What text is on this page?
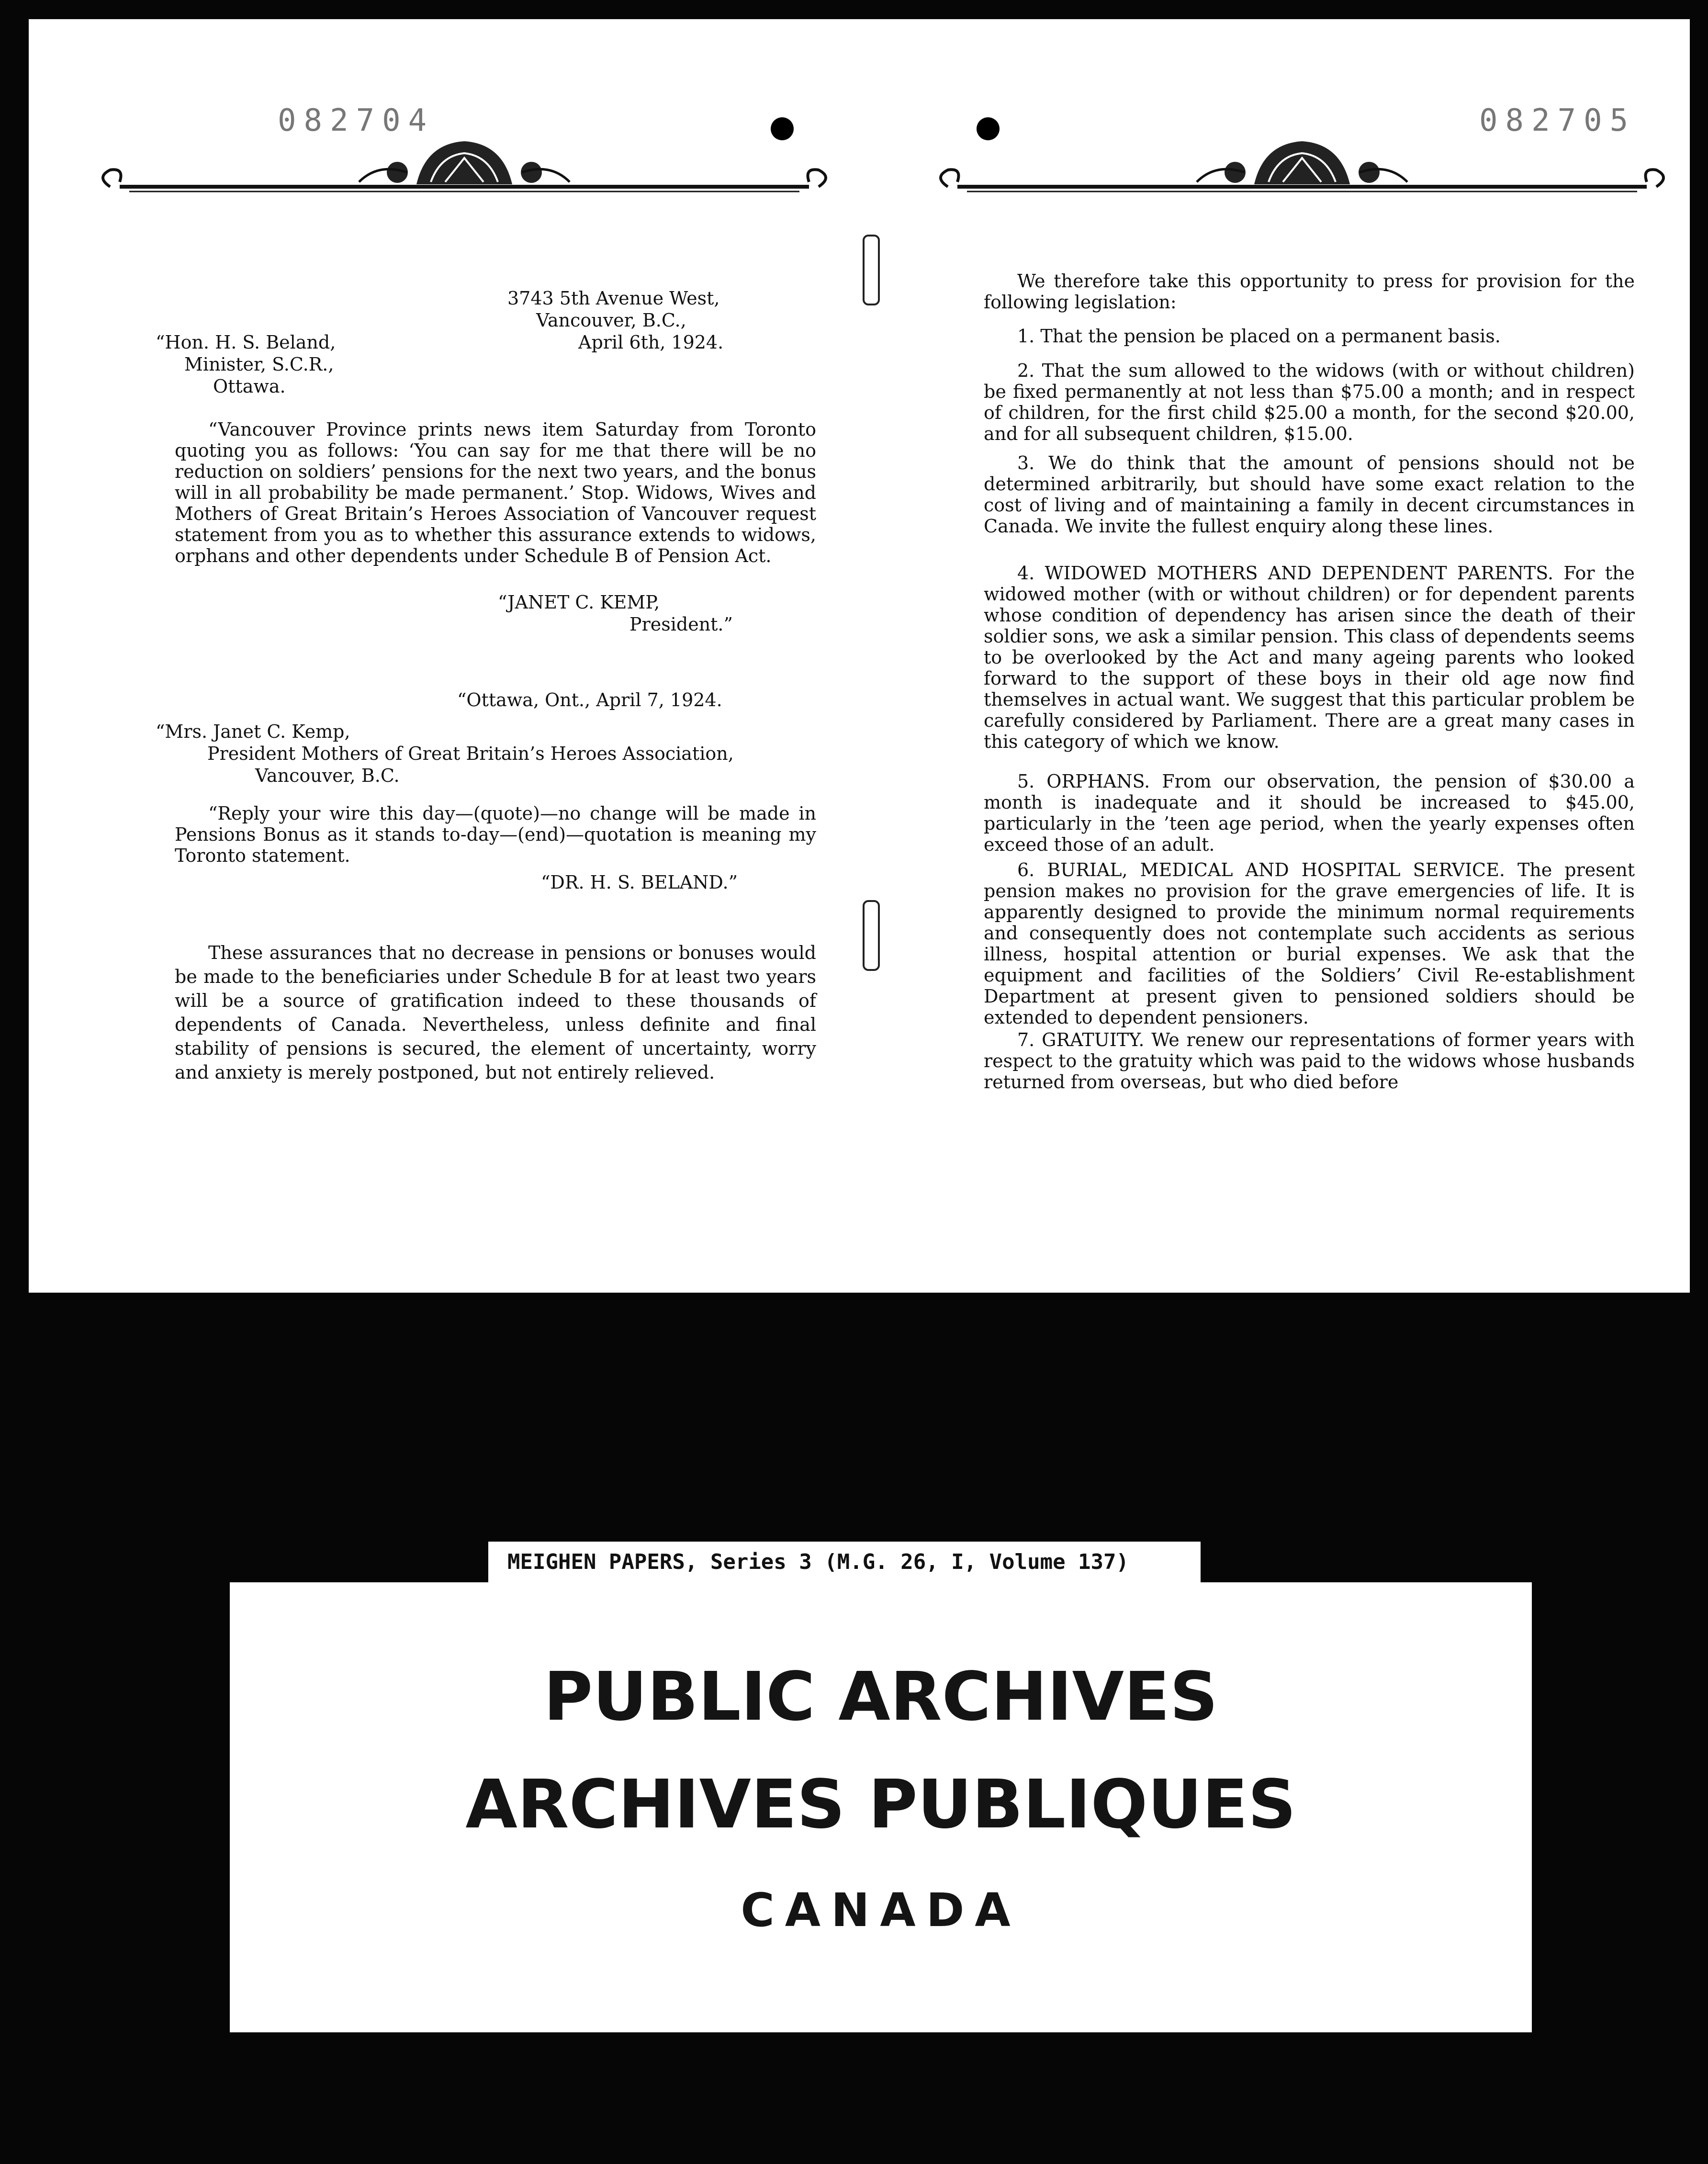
082704

3743 5th Avenue West,
Vancouver, B.C.,
April 6th, 1924.

“Hon. H. S. Beland,
Minister, S.C.R.,
Ottawa.

“Vancouver Province prints news item Saturday from Toronto quoting you as follows: ‘You can say for me that there will be no reduction on soldiers’ pensions for the next two years, and the bonus will in all probability be made permanent.’ Stop. Widows, Wives and Mothers of Great Britain’s Heroes Association of Vancouver request statement from you as to whether this assurance extends to widows, orphans and other dependents under Schedule B of Pension Act.

“JANET C. KEMP,
President.”

“Ottawa, Ont., April 7, 1924.

“Mrs. Janet C. Kemp,
President Mothers of Great Britain’s Heroes Association,
Vancouver, B.C.

“Reply your wire this day—(quote)—no change will be made in Pensions Bonus as it stands to-day—(end)—quotation is meaning my Toronto statement.

“DR. H. S. BELAND.”

These assurances that no decrease in pensions or bonuses would be made to the beneficiaries under Schedule B for at least two years will be a source of gratification indeed to these thousands of dependents of Canada. Nevertheless, unless definite and final stability of pensions is secured, the element of uncertainty, worry and anxiety is merely postponed, but not entirely relieved.

082705

We therefore take this opportunity to press for provision for the following legislation:

1. That the pension be placed on a permanent basis.

2. That the sum allowed to the widows (with or without children) be fixed permanently at not less than $75.00 a month; and in respect of children, for the first child $25.00 a month, for the second $20.00, and for all subsequent children, $15.00.

3. We do think that the amount of pensions should not be determined arbitrarily, but should have some exact relation to the cost of living and of maintaining a family in decent circumstances in Canada. We invite the fullest enquiry along these lines.

4. WIDOWED MOTHERS AND DEPENDENT PARENTS. For the widowed mother (with or without children) or for dependent parents whose condition of dependency has arisen since the death of their soldier sons, we ask a similar pension. This class of dependents seems to be overlooked by the Act and many ageing parents who looked forward to the support of these boys in their old age now find themselves in actual want. We suggest that this particular problem be carefully considered by Parliament. There are a great many cases in this category of which we know.

5. ORPHANS. From our observation, the pension of $30.00 a month is inadequate and it should be increased to $45.00, particularly in the ’teen age period, when the yearly expenses often exceed those of an adult.

6. BURIAL, MEDICAL AND HOSPITAL SERVICE. The present pension makes no provision for the grave emergencies of life. It is apparently designed to provide the minimum normal requirements and consequently does not contemplate such accidents as serious illness, hospital attention or burial expenses. We ask that the equipment and facilities of the Soldiers’ Civil Re-establishment Department at present given to pensioned soldiers should be extended to dependent pensioners.

7. GRATUITY. We renew our representations of former years with respect to the gratuity which was paid to the widows whose husbands returned from overseas, but who died before

MEIGHEN PAPERS, Series 3 (M.G. 26, I, Volume 137)
PUBLIC ARCHIVES
ARCHIVES PUBLIQUES
CANADA
